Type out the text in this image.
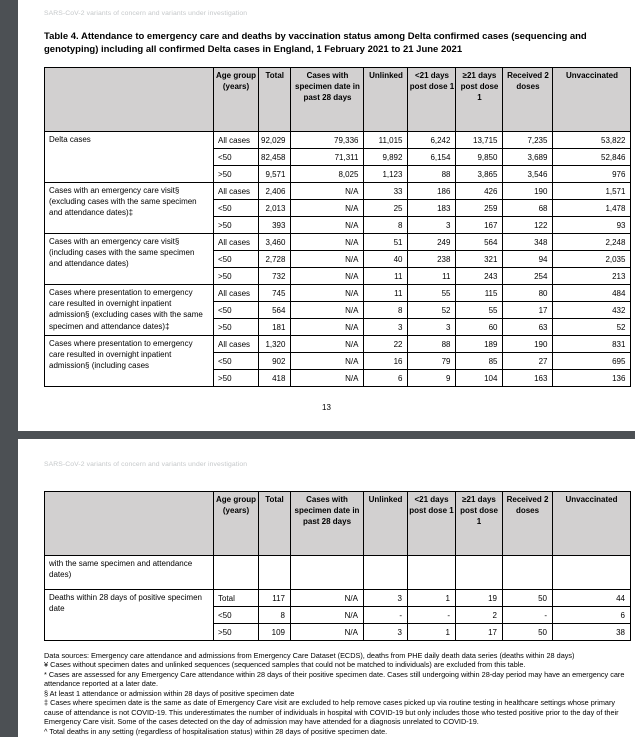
SARS-CoV-2 variants of concern and variants under investigation
Table 4. Attendance to emergency care and deaths by vaccination status among Delta confirmed cases (sequencing and genotyping) including all confirmed Delta cases in England, 1 February 2021 to 21 June 2021
	Age group (years)	Total	Cases with specimen date in past 28 days	Unlinked	<21 days post dose 1	≥21 days post dose 1	Received 2 doses	Unvaccinated
Delta cases	All cases	92,029	79,336	11,015	6,242	13,715	7,235	53,822
	<50	82,458	71,311	9,892	6,154	9,850	3,689	52,846
	>50	9,571	8,025	1,123	88	3,865	3,546	976
Cases with an emergency care visit§ (excluding cases with the same specimen and attendance dates)‡	All cases	2,406	N/A	33	186	426	190	1,571
	<50	2,013	N/A	25	183	259	68	1,478
	>50	393	N/A	8	3	167	122	93
Cases with an emergency care visit§ (including cases with the same specimen and attendance dates)	All cases	3,460	N/A	51	249	564	348	2,248
	<50	2,728	N/A	40	238	321	94	2,035
	>50	732	N/A	11	11	243	254	213
Cases where presentation to emergency care resulted in overnight inpatient admission§ (excluding cases with the same specimen and attendance dates)‡	All cases	745	N/A	11	55	115	80	484
	<50	564	N/A	8	52	55	17	432
	>50	181	N/A	3	3	60	63	52
Cases where presentation to emergency care resulted in overnight inpatient admission§ (including cases	All cases	1,320	N/A	22	88	189	190	831
	<50	902	N/A	16	79	85	27	695
	>50	418	N/A	6	9	104	163	136
13
SARS-CoV-2 variants of concern and variants under investigation
	Age group (years)	Total	Cases with specimen date in past 28 days	Unlinked	<21 days post dose 1	≥21 days post dose 1	Received 2 doses	Unvaccinated
with the same specimen and attendance dates)								
Deaths within 28 days of positive specimen date	Total	117	N/A	3	1	19	50	44
	<50	8	N/A	-	-	2	-	6
	>50	109	N/A	3	1	17	50	38
Data sources: Emergency care attendance and admissions from Emergency Care Dataset (ECDS), deaths from PHE daily death data series (deaths within 28 days)
¥ Cases without specimen dates and unlinked sequences (sequenced samples that could not be matched to individuals) are excluded from this table.
* Cases are assessed for any Emergency Care attendance within 28 days of their positive specimen date. Cases still undergoing within 28-day period may have an emergency care attendance reported at a later date.
§ At least 1 attendance or admission within 28 days of positive specimen date
‡ Cases where specimen date is the same as date of Emergency Care visit are excluded to help remove cases picked up via routine testing in healthcare settings whose primary cause of attendance is not COVID-19. This underestimates the number of individuals in hospital with COVID-19 but only includes those who tested positive prior to the day of their Emergency Care visit. Some of the cases detected on the day of admission may have attended for a diagnosis unrelated to COVID-19.
^ Total deaths in any setting (regardless of hospitalisation status) within 28 days of positive specimen date.
